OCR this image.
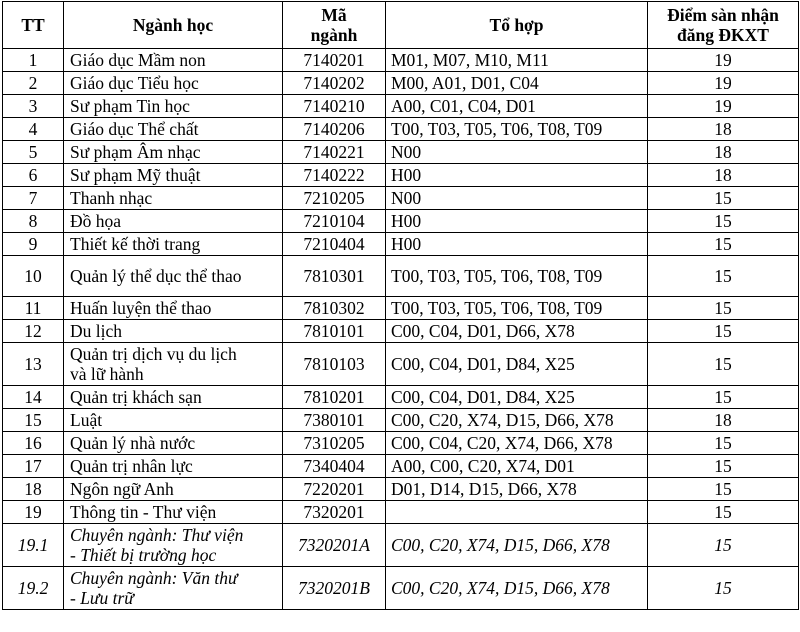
TT	Ngành học	Mã ngành	Tổ hợp	Điểm sàn nhận đăng ĐKXT
1	Giáo dục Mầm non	7140201	M01, M07, M10, M11	19
2	Giáo dục Tiểu học	7140202	M00, A01, D01, C04	19
3	Sư phạm Tin học	7140210	A00, C01, C04, D01	19
4	Giáo dục Thể chất	7140206	T00, T03, T05, T06, T08, T09	18
5	Sư phạm Âm nhạc	7140221	N00	18
6	Sư phạm Mỹ thuật	7140222	H00	18
7	Thanh nhạc	7210205	N00	15
8	Đồ họa	7210104	H00	15
9	Thiết kế thời trang	7210404	H00	15
10	Quản lý thể dục thể thao	7810301	T00, T03, T05, T06, T08, T09	15
11	Huấn luyện thể thao	7810302	T00, T03, T05, T06, T08, T09	15
12	Du lịch	7810101	C00, C04, D01, D66, X78	15
13	Quản trị dịch vụ du lịch
và lữ hành	7810103	C00, C04, D01, D84, X25	15
14	Quản trị khách sạn	7810201	C00, C04, D01, D84, X25	15
15	Luật	7380101	C00, C20, X74, D15, D66, X78	18
16	Quản lý nhà nước	7310205	C00, C04, C20, X74, D66, X78	15
17	Quản trị nhân lực	7340404	A00, C00, C20, X74, D01	15
18	Ngôn ngữ Anh	7220201	D01, D14, D15, D66, X78	15
19	Thông tin - Thư viện	7320201		15
19.1	Chuyên ngành: Thư viện
- Thiết bị trường học	7320201A	C00, C20, X74, D15, D66, X78	15
19.2	Chuyên ngành: Văn thư
- Lưu trữ	7320201B	C00, C20, X74, D15, D66, X78	15
